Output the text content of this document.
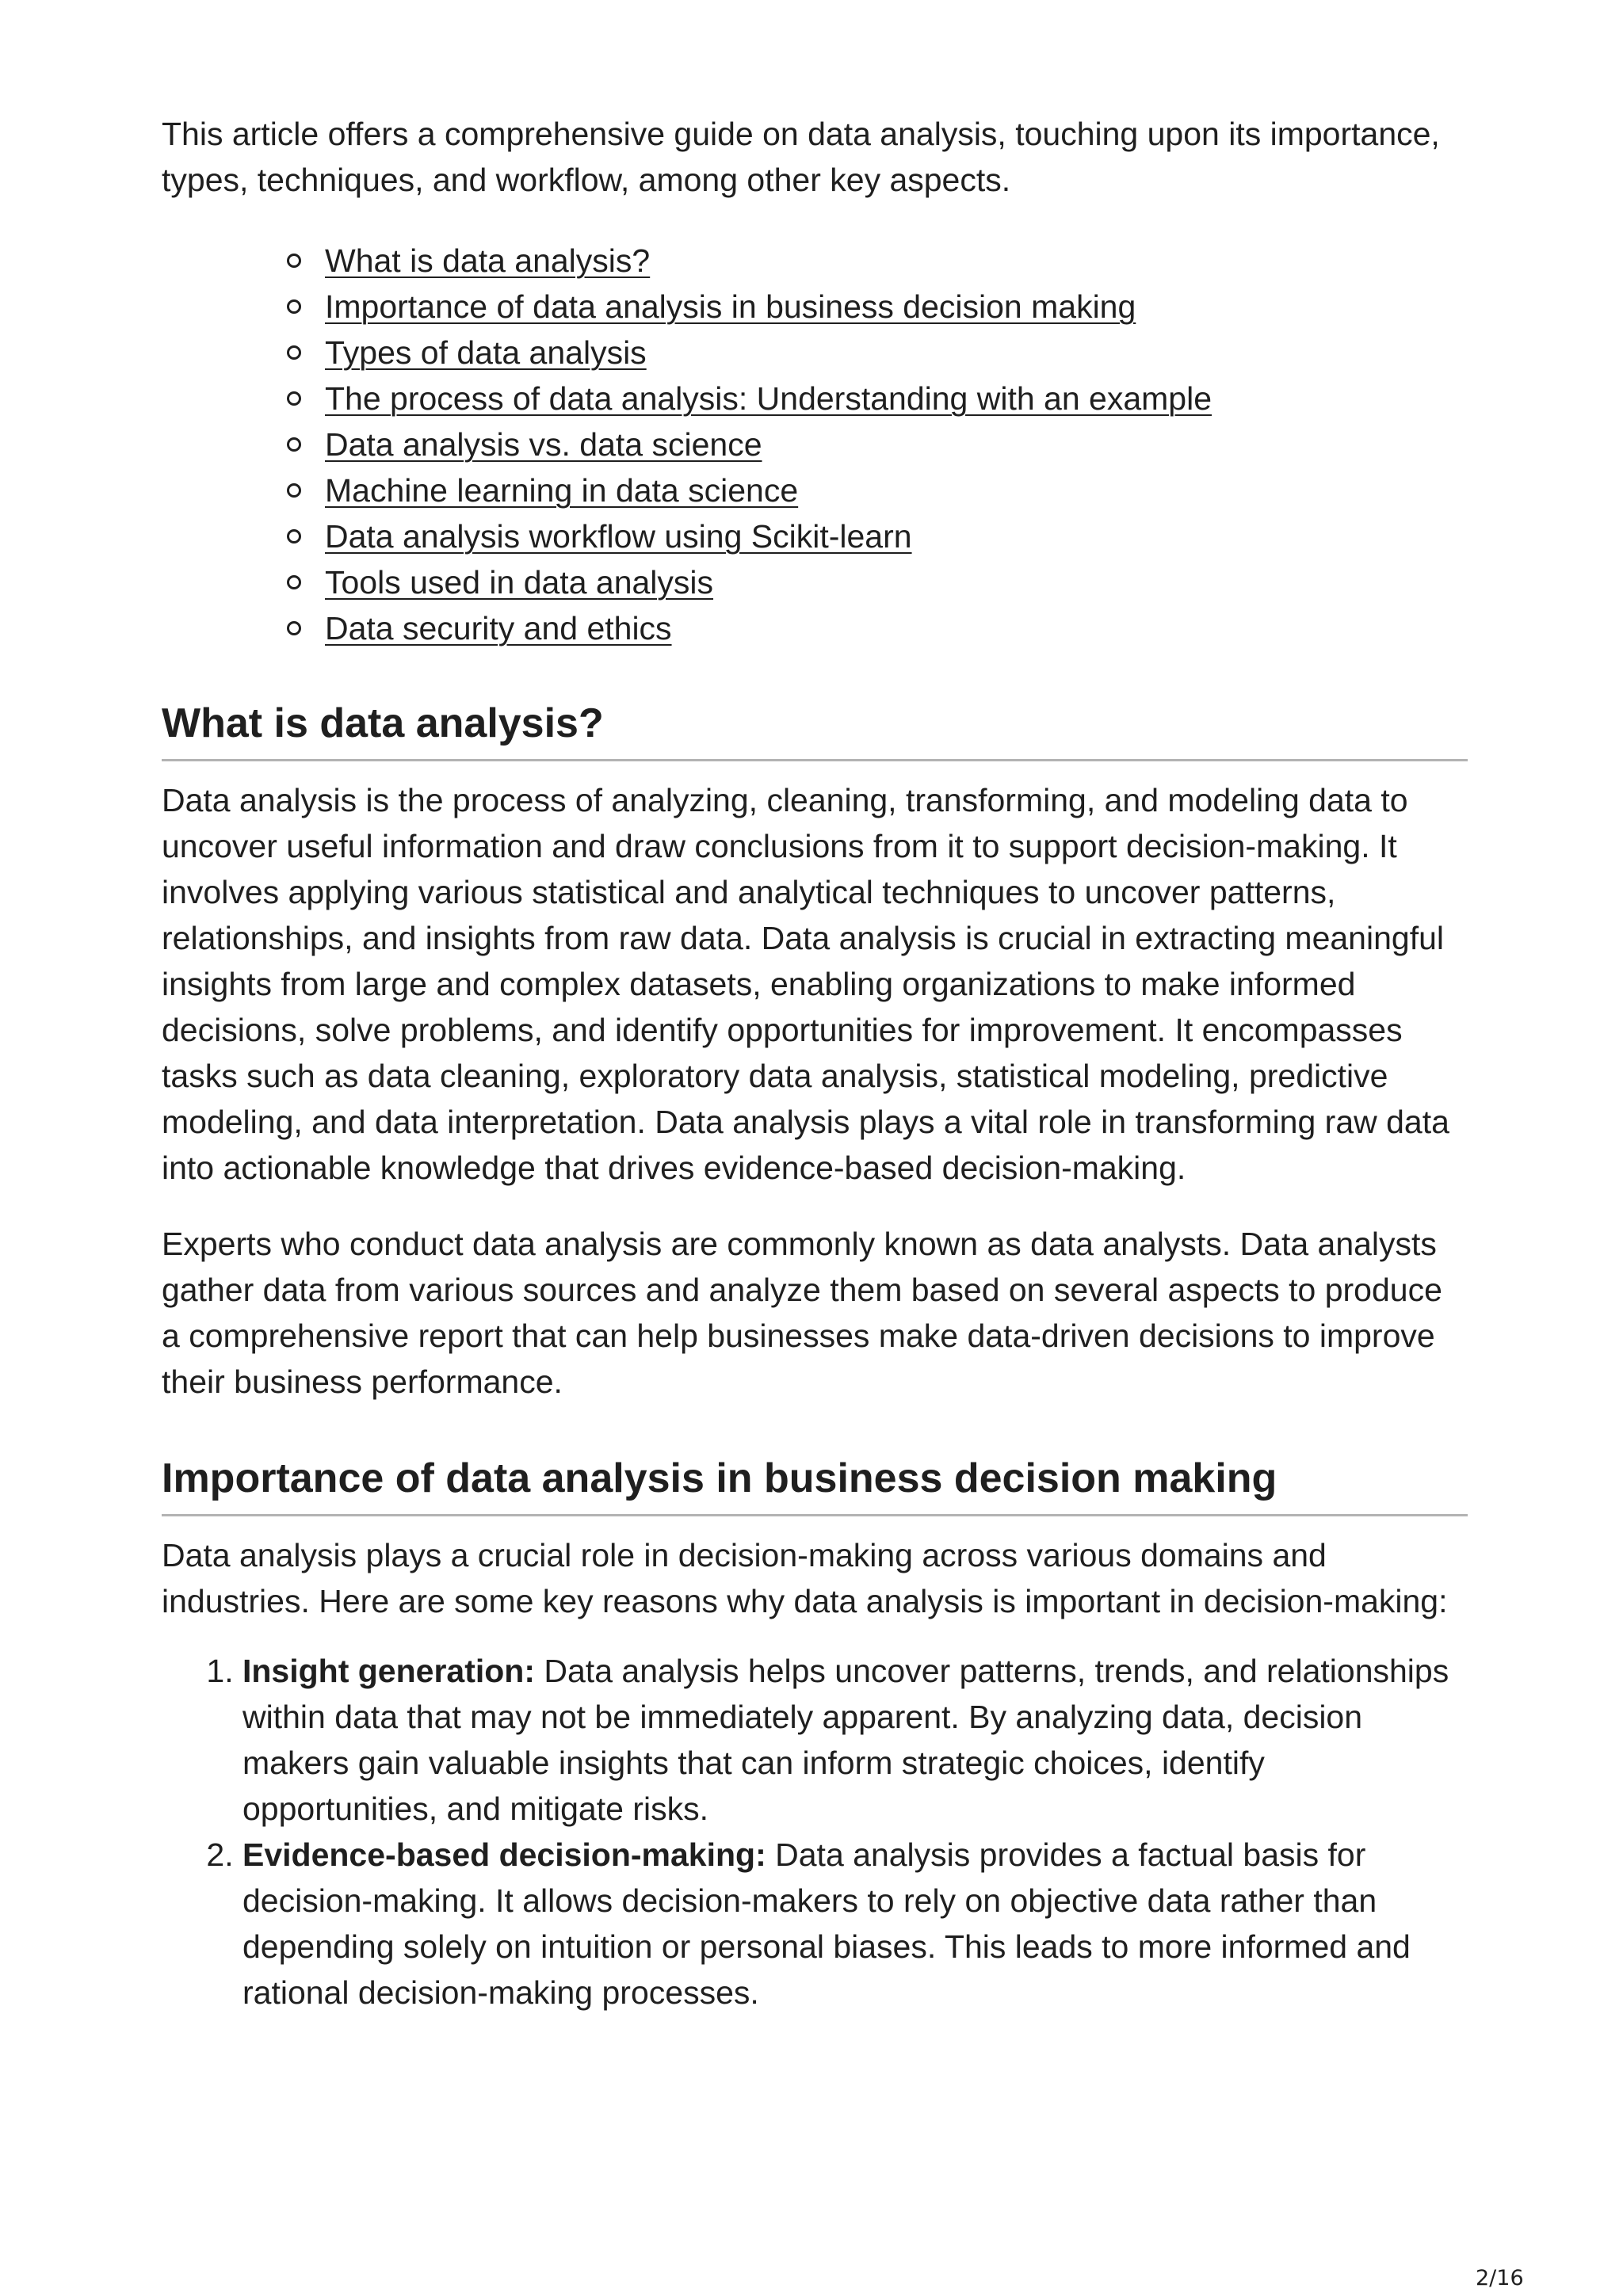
This article offers a comprehensive guide on data analysis, touching upon its importance, types, techniques, and workflow, among other key aspects.

What is data analysis?
Importance of data analysis in business decision making
Types of data analysis
The process of data analysis: Understanding with an example
Data analysis vs. data science
Machine learning in data science
Data analysis workflow using Scikit-learn
Tools used in data analysis
Data security and ethics
What is data analysis?

Data analysis is the process of analyzing, cleaning, transforming, and modeling data to uncover useful information and draw conclusions from it to support decision-making. It involves applying various statistical and analytical techniques to uncover patterns, relationships, and insights from raw data. Data analysis is crucial in extracting meaningful insights from large and complex datasets, enabling organizations to make informed decisions, solve problems, and identify opportunities for improvement. It encompasses tasks such as data cleaning, exploratory data analysis, statistical modeling, predictive modeling, and data interpretation. Data analysis plays a vital role in transforming raw data into actionable knowledge that drives evidence-based decision-making.

Experts who conduct data analysis are commonly known as data analysts. Data analysts gather data from various sources and analyze them based on several aspects to produce a comprehensive report that can help businesses make data-driven decisions to improve their business performance.

Importance of data analysis in business decision making

Data analysis plays a crucial role in decision-making across various domains and industries. Here are some key reasons why data analysis is important in decision-making:

1. Insight generation: Data analysis helps uncover patterns, trends, and relationships within data that may not be immediately apparent. By analyzing data, decision makers gain valuable insights that can inform strategic choices, identify opportunities, and mitigate risks.
2. Evidence-based decision-making: Data analysis provides a factual basis for decision-making. It allows decision-makers to rely on objective data rather than depending solely on intuition or personal biases. This leads to more informed and rational decision-making processes.
2/16
